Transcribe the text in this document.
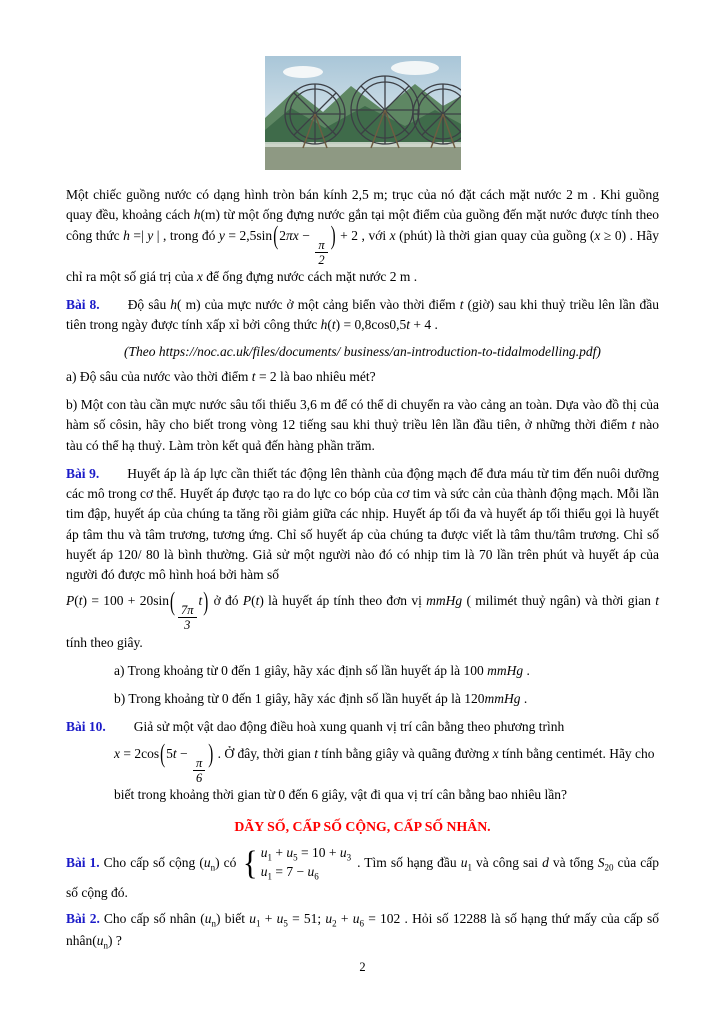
Một chiếc guồng nước có dạng hình tròn bán kính 2,5 m; trục của nó đặt cách mặt nước 2 m . Khi guồng quay đều, khoảng cách h(m) từ một ống đựng nước gắn tại một điểm của guồng đến mặt nước được tính theo công thức h =| y | , trong đó y = 2,5sin(2πx −
$\frac{\pi}{2}$
) + 2 , với x (phút) là thời gian quay của guồng (x ≥ 0) . Hãy chỉ ra một số giá trị của x để ống đựng nước cách mặt nước 2 m .

Bài 8. Độ sâu h( m) của mực nước ở một cảng biển vào thời điểm t (giờ) sau khi thuỷ triều lên lần đầu tiên trong ngày được tính xấp xỉ bởi công thức h(t) = 0,8cos0,5t + 4 .

(Theo https://noc.ac.uk/files/documents/ business/an-introduction-to-tidalmodelling.pdf)

a) Độ sâu của nước vào thời điểm t = 2 là bao nhiêu mét?

b) Một con tàu cần mực nước sâu tối thiểu 3,6 m để có thể di chuyển ra vào cảng an toàn. Dựa vào đồ thị của hàm số côsin, hãy cho biết trong vòng 12 tiếng sau khi thuỷ triều lên lần đầu tiên, ở những thời điểm t nào tàu có thể hạ thuỷ. Làm tròn kết quả đến hàng phần trăm.

Bài 9. Huyết áp là áp lực cần thiết tác động lên thành của động mạch để đưa máu từ tim đến nuôi dưỡng các mô trong cơ thể. Huyết áp được tạo ra do lực co bóp của cơ tim và sức cản của thành động mạch. Mỗi lần tim đập, huyết áp của chúng ta tăng rồi giảm giữa các nhịp. Huyết áp tối đa và huyết áp tối thiểu gọi là huyết áp tâm thu và tâm trương, tương ứng. Chỉ số huyết áp của chúng ta được viết là tâm thu/tâm trương. Chỉ số huyết áp 120/ 80 là bình thường. Giả sử một người nào đó có nhịp tim là 70 lần trên phút và huyết áp của người đó được mô hình hoá bởi hàm số

P(t) = 100 + 20sin(
$\frac{7\pi}{3}$
t) ở đó P(t) là huyết áp tính theo đơn vị mmHg ( milimét thuỷ ngân) và thời gian t tính theo giây.

a) Trong khoảng từ 0 đến 1 giây, hãy xác định số lần huyết áp là 100 mmHg .

b) Trong khoảng từ 0 đến 1 giây, hãy xác định số lần huyết áp là 120mmHg .

Bài 10. Giả sử một vật dao động điều hoà xung quanh vị trí cân bằng theo phương trình

x = 2cos(5t −
$\frac{\pi}{6}$
) . Ở đây, thời gian t tính bằng giây và quãng đường x tính bằng centimét. Hãy cho biết trong khoảng thời gian từ 0 đến 6 giây, vật đi qua vị trí cân bằng bao nhiêu lần?

DÃY SỐ, CẤP SỐ CỘNG, CẤP SỐ NHÂN.

Bài 1. Cho cấp số cộng $(u_n)$ có { $u_1 + u_5 = 10 + u_3$
$u_1 = 7 - u_6$
. Tìm số hạng đầu $u_1$ và công sai d và tổng $S_{20}$ của cấp số cộng đó.

Bài 2. Cho cấp số nhân $(u_n)$ biết $u_1 + u_5 = 51$; $u_2 + u_6 = 102$ . Hỏi số 12288 là số hạng thứ mấy của cấp số $nhân(u_n)$ ?

2
